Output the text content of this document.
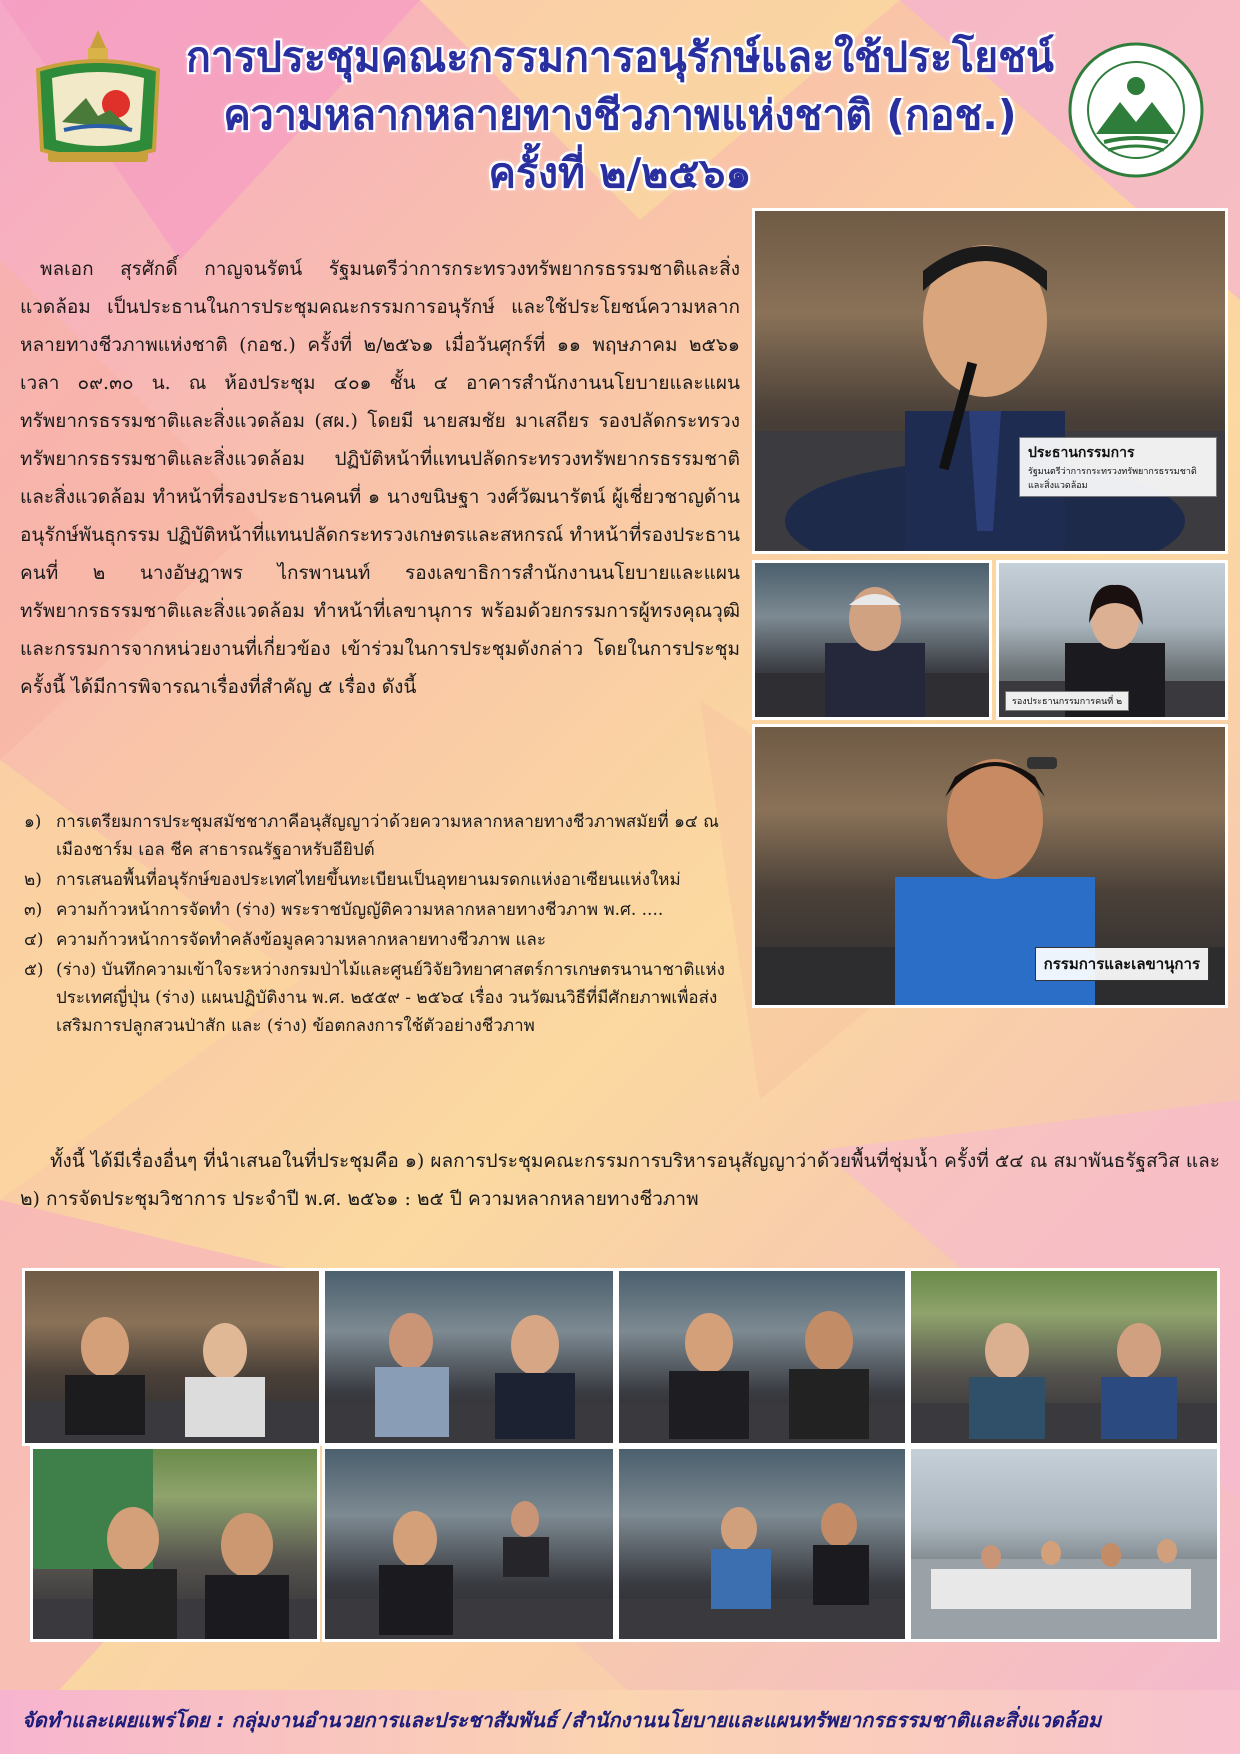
การประชุมคณะกรรมการอนุรักษ์และใช้ประโยชน์
ความหลากหลายทางชีวภาพแห่งชาติ (กอช.)
ครั้งที่ ๒/๒๕๖๑

พลเอก สุรศักดิ์ กาญจนรัตน์ รัฐมนตรีว่าการกระทรวงทรัพยากรธรรมชาติและสิ่งแวดล้อม เป็นประธานในการประชุมคณะกรรมการอนุรักษ์ และใช้ประโยชน์ความหลากหลายทางชีวภาพแห่งชาติ (กอช.) ครั้งที่ ๒/๒๕๖๑ เมื่อวันศุกร์ที่ ๑๑ พฤษภาคม ๒๕๖๑ เวลา ๐๙.๓๐ น. ณ ห้องประชุม ๔๐๑ ชั้น ๔ อาคารสำนักงานนโยบายและแผนทรัพยากรธรรมชาติและสิ่งแวดล้อม (สผ.) โดยมี นายสมชัย มาเสถียร รองปลัดกระทรวงทรัพยากรธรรมชาติและสิ่งแวดล้อม ปฏิบัติหน้าที่แทนปลัดกระทรวงทรัพยากรธรรมชาติและสิ่งแวดล้อม ทำหน้าที่รองประธานคนที่ ๑ นางขนิษฐา วงศ์วัฒนารัตน์ ผู้เชี่ยวชาญด้านอนุรักษ์พันธุกรรม ปฏิบัติหน้าที่แทนปลัดกระทรวงเกษตรและสหกรณ์ ทำหน้าที่รองประธานคนที่ ๒ นางอัษฎาพร ไกรพานนท์ รองเลขาธิการสำนักงานนโยบายและแผนทรัพยากรธรรมชาติและสิ่งแวดล้อม ทำหน้าที่เลขานุการ พร้อมด้วยกรรมการผู้ทรงคุณวุฒิและกรรมการจากหน่วยงานที่เกี่ยวข้อง เข้าร่วมในการประชุมดังกล่าว โดยในการประชุมครั้งนี้ ได้มีการพิจารณาเรื่องที่สำคัญ ๕ เรื่อง ดังนี้

๑) การเตรียมการประชุมสมัชชาภาคีอนุสัญญาว่าด้วยความหลากหลายทางชีวภาพสมัยที่ ๑๔ ณ เมืองชาร์ม เอล ชีค สาธารณรัฐอาหรับอียิปต์
๒) การเสนอพื้นที่อนุรักษ์ของประเทศไทยขึ้นทะเบียนเป็นอุทยานมรดกแห่งอาเซียนแห่งใหม่
๓) ความก้าวหน้าการจัดทำ (ร่าง) พระราชบัญญัติความหลากหลายทางชีวภาพ พ.ศ. ....
๔) ความก้าวหน้าการจัดทำคลังข้อมูลความหลากหลายทางชีวภาพ และ
๕) (ร่าง) บันทึกความเข้าใจระหว่างกรมป่าไม้และศูนย์วิจัยวิทยาศาสตร์การเกษตรนานาชาติแห่งประเทศญี่ปุ่น (ร่าง) แผนปฏิบัติงาน พ.ศ. ๒๕๕๙ - ๒๕๖๔ เรื่อง วนวัฒนวิธีที่มีศักยภาพเพื่อส่งเสริมการปลูกสวนป่าสัก และ (ร่าง) ข้อตกลงการใช้ตัวอย่างชีวภาพ

ทั้งนี้ ได้มีเรื่องอื่นๆ ที่นำเสนอในที่ประชุมคือ ๑) ผลการประชุมคณะกรรมการบริหารอนุสัญญาว่าด้วยพื้นที่ชุ่มน้ำ ครั้งที่ ๕๔ ณ สมาพันธรัฐสวิส และ ๒) การจัดประชุมวิชาการ ประจำปี พ.ศ. ๒๕๖๑ : ๒๕ ปี ความหลากหลายทางชีวภาพ

ประธานกรรมการ
รัฐมนตรีว่าการกระทรวงทรัพยากรธรรมชาติ
และสิ่งแวดล้อม
รองประธานกรรมการคนที่ ๒
กรรมการและเลขานุการ
จัดทำและเผยแพร่โดย : กลุ่มงานอำนวยการและประชาสัมพันธ์ /สำนักงานนโยบายและแผนทรัพยากรธรรมชาติและสิ่งแวดล้อม
